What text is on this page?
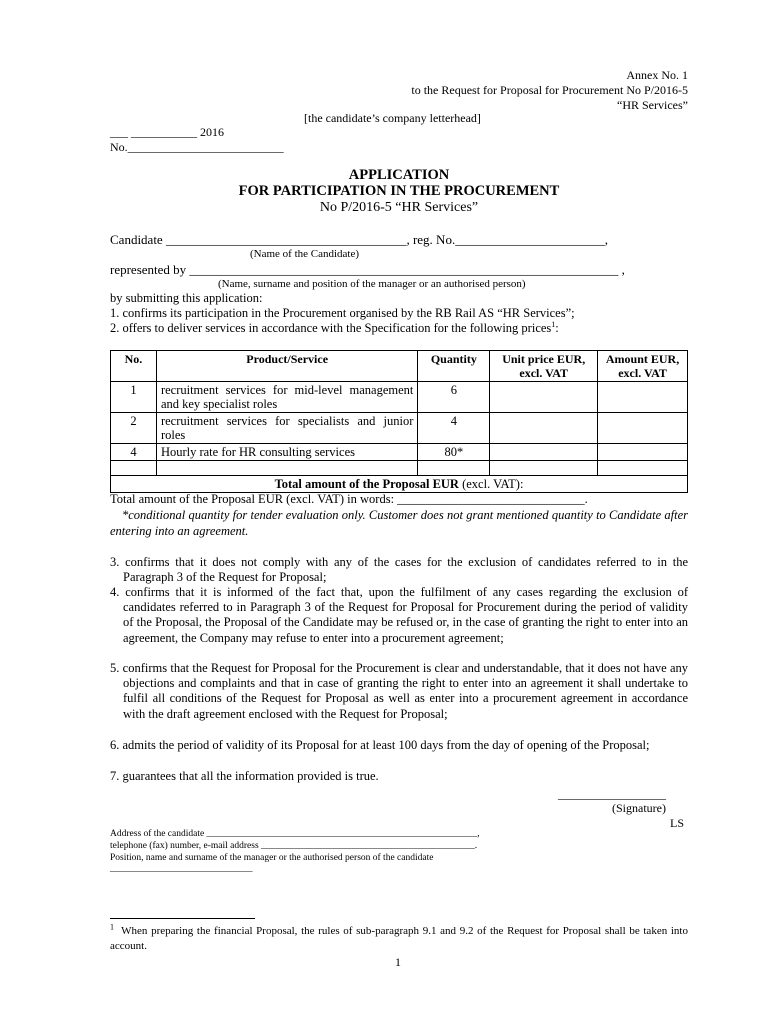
Annex No. 1
to the Request for Proposal for Procurement No P/2016-5
“HR Services”
[the candidate’s company letterhead]
___ ___________ 2016
No.__________________________
APPLICATION
FOR PARTICIPATION IN THE PROCUREMENT
No P/2016-5 “HR Services”
Candidate _____________________________________, reg. No._______________________,
(Name of the Candidate)
represented by __________________________________________________________________ ,
(Name, surname and position of the manager or an authorised person)
by submitting this application:
1. confirms its participation in the Procurement organised by the RB Rail AS “HR Services”;
2. offers to deliver services in accordance with the Specification for the following prices$^1$:
No.	Product/Service	Quantity	Unit price EUR, excl. VAT	Amount EUR, excl. VAT
1	recruitment services for mid-level management and key specialist roles	6		
2	recruitment services for specialists and junior roles	4		
4	Hourly rate for HR consulting services	80*		

Total amount of the Proposal EUR (excl. VAT):				
Total amount of the Proposal EUR (excl. VAT) in words: ______________________________.
*conditional quantity for tender evaluation only. Customer does not grant mentioned quantity to Candidate after entering into an agreement.
3. confirms that it does not comply with any of the cases for the exclusion of candidates referred to in the Paragraph 3 of the Request for Proposal;
4. confirms that it is informed of the fact that, upon the fulfilment of any cases regarding the exclusion of candidates referred to in Paragraph 3 of the Request for Proposal for Procurement during the period of validity of the Proposal, the Proposal of the Candidate may be refused or, in the case of granting the right to enter into an agreement, the Company may refuse to enter into a procurement agreement;
5. confirms that the Request for Proposal for the Procurement is clear and understandable, that it does not have any objections and complaints and that in case of granting the right to enter into an agreement it shall undertake to fulfil all conditions of the Request for Proposal as well as enter into a procurement agreement in accordance with the draft agreement enclosed with the Request for Proposal;
6. admits the period of validity of its Proposal for at least 100 days from the day of opening of the Proposal;
7. guarantees that all the information provided is true.
__________________
(Signature)
LS
Address of the candidate _________________________________________________________,
telephone (fax) number, e-mail address _____________________________________________.
Position, name and surname of the manager or the authorised person of the candidate
______________________________
$^1$ When preparing the financial Proposal, the rules of sub-paragraph 9.1 and 9.2 of the Request for Proposal shall be taken into account.
1
